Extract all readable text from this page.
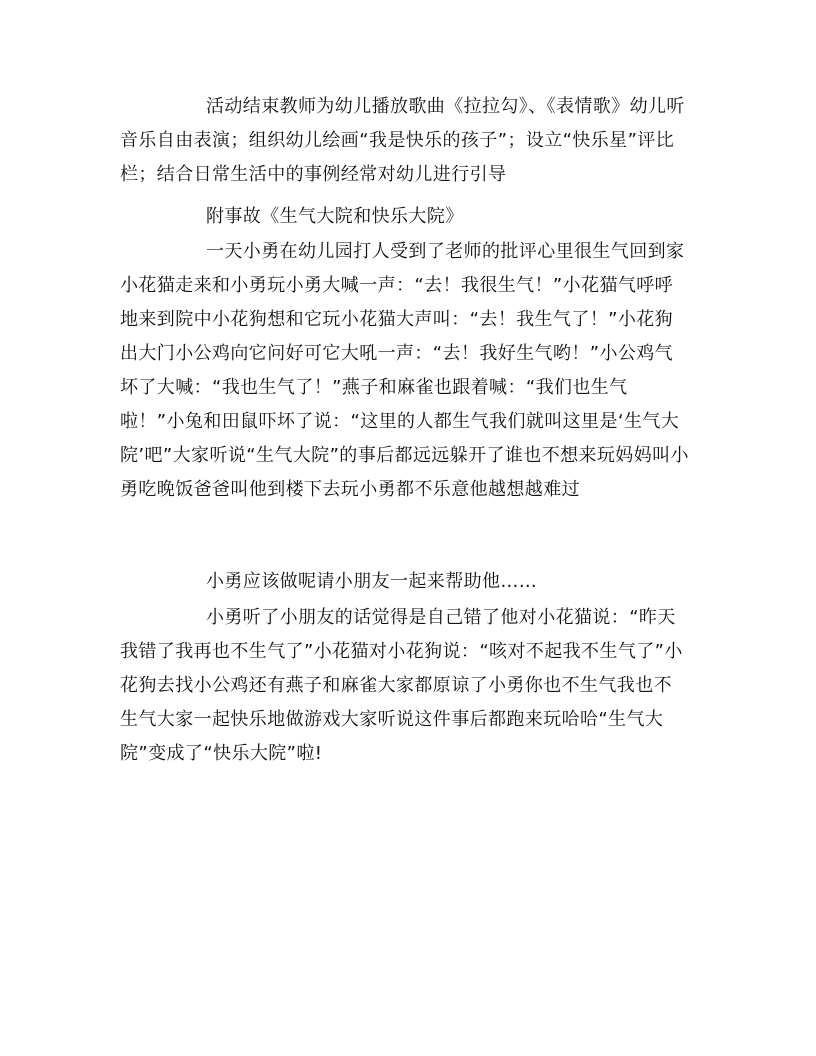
活动结束教师为幼儿播放歌曲《拉拉勾》、《表情歌》幼儿听音乐自由表演；组织幼儿绘画“我是快乐的孩子”；设立“快乐星”评比栏；结合日常生活中的事例经常对幼儿进行引导

附事故《生气大院和快乐大院》

一天小勇在幼儿园打人受到了老师的批评心里很生气回到家小花猫走来和小勇玩小勇大喊一声：“去！我很生气！”小花猫气呼呼地来到院中小花狗想和它玩小花猫大声叫：“去！我生气了！”小花狗出大门小公鸡向它问好可它大吼一声：“去！我好生气哟！”小公鸡气坏了大喊：“我也生气了！”燕子和麻雀也跟着喊：“我们也生气啦！”小兔和田鼠吓坏了说：“这里的人都生气我们就叫这里是‘生气大院’吧”大家听说“生气大院”的事后都远远躲开了谁也不想来玩妈妈叫小勇吃晚饭爸爸叫他到楼下去玩小勇都不乐意他越想越难过

小勇应该做呢请小朋友一起来帮助他……

小勇听了小朋友的话觉得是自己错了他对小花猫说：“昨天我错了我再也不生气了”小花猫对小花狗说：“咳对不起我不生气了”小花狗去找小公鸡还有燕子和麻雀大家都原谅了小勇你也不生气我也不生气大家一起快乐地做游戏大家听说这件事后都跑来玩哈哈“生气大院”变成了“快乐大院”啦!
